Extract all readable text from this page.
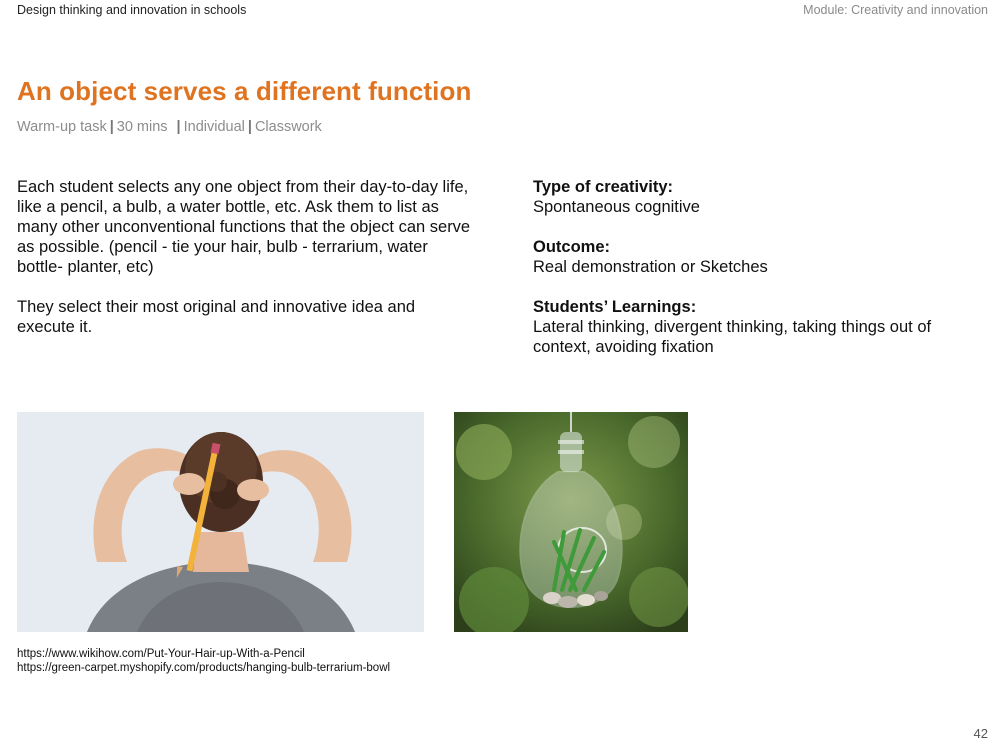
Design thinking and innovation in schools	Module: Creativity and innovation
An object serves a different function
Warm-up task | 30 mins | Individual | Classwork

Each student selects any one object from their day-to-day life, like a pencil, a bulb, a water bottle, etc. Ask them to list as many other unconventional functions that the object can serve as possible. (pencil - tie your hair, bulb - terrarium, water bottle- planter, etc)

They select their most original and innovative idea and execute it.

Type of creativity:
Spontaneous cognitive
Outcome:
Real demonstration or Sketches
Students’ Learnings:
Lateral thinking, divergent thinking, taking things out of context, avoiding fixation
https://www.wikihow.com/Put-Your-Hair-up-With-a-Pencil
https://green-carpet.myshopify.com/products/hanging-bulb-terrarium-bowl
42
